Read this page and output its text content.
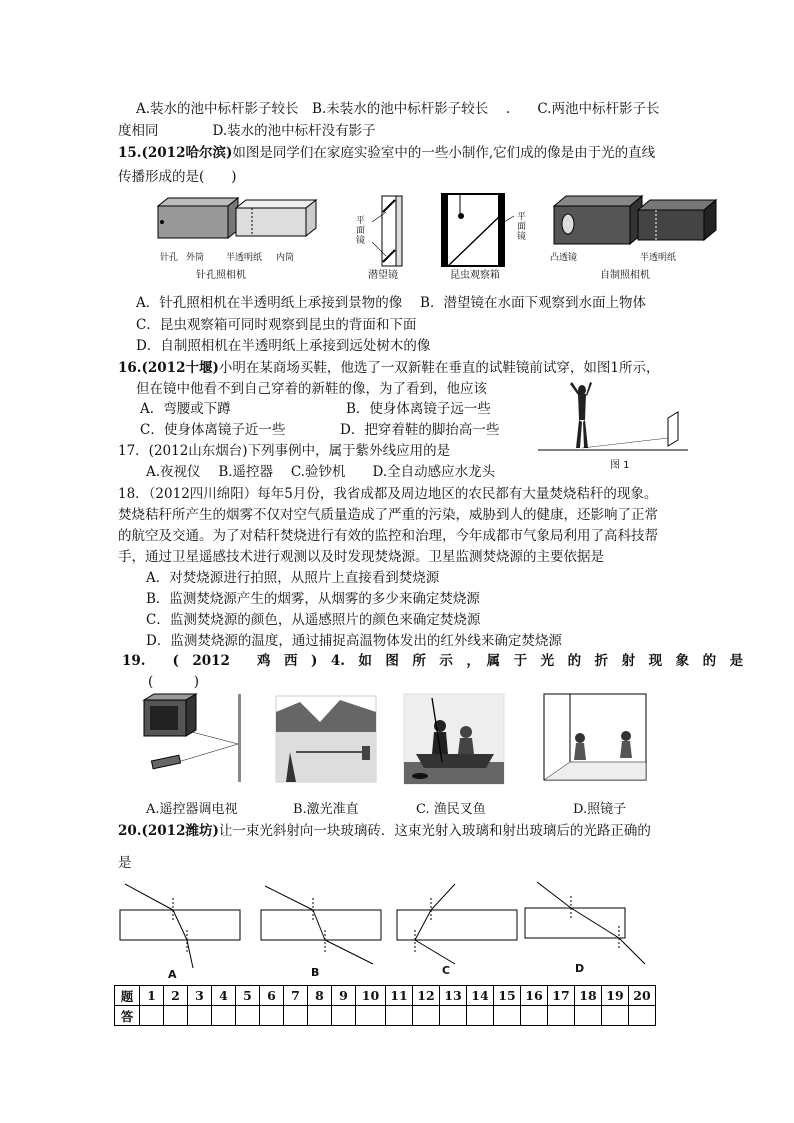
A.装水的池中标杆影子较长　B.未装水的池中标杆影子较长　 .　　C.两池中标杆影子长
度相同　　　　D.装水的池中标杆没有影子
15.(2012哈尔滨)如图是同学们在家庭实验室中的一些小制作,它们成的像是由于光的直线
传播形成的是(　　)
针孔 外筒 半透明纸 内筒
针孔照相机
平
面
镜
潜望镜
平
面
镜
昆虫观察箱
凸透镜	半透明纸
自制照相机
A．针孔照相机在半透明纸上承接到景物的像　 B．潜望镜在水面下观察到水面上物体
C．昆虫观察箱可同时观察到昆虫的背面和下面
D．自制照相机在半透明纸上承接到远处树木的像
16.(2012十堰)小明在某商场买鞋，他选了一双新鞋在垂直的试鞋镜前试穿，如图1所示，
但在镜中他看不到自己穿着的新鞋的像，为了看到，他应该
A．弯腰或下蹲	B．使身体离镜子远一些
C．使身体离镜子近一些	D．把穿着鞋的脚抬高一些
图 1
17．(2012山东烟台)下列事例中，属于紫外线应用的是
A.夜视仪　 B.遥控器　 C.验钞机　　D.全自动感应水龙头
18．（2012四川绵阳）每年5月份，我省成都及周边地区的农民都有大量焚烧秸秆的现象。
焚烧秸秆所产生的烟雾不仅对空气质量造成了严重的污染，威胁到人的健康，还影响了正常
的航空及交通。为了对秸秆焚烧进行有效的监控和治理，今年成都市气象局利用了高科技帮
手，通过卫星遥感技术进行观测以及时发现焚烧源。卫星监测焚烧源的主要依据是
A．对焚烧源进行拍照，从照片上直接看到焚烧源
B．监测焚烧源产生的烟雾，从烟雾的多少来确定焚烧源
C．监测焚烧源的颜色，从遥感照片的颜色来确定焚烧源
D．监测焚烧源的温度，通过捕捉高温物体发出的红外线来确定焚烧源
19.　　(　2012　　鸡　西　)　4.　如　图　所　示　，　属　于　光　的　折　射　现　象　的　是
(　　　)
A.遥控器调电视	B.激光准直	C. 渔民叉鱼	D.照镜子
20.(2012潍坊)让一束光斜射向一块玻璃砖．这束光射入玻璃和射出玻璃后的光路正确的
是
A	B	C	D
题	1	2	3	4	5	6	7	8	9	10	11	12	13	14	15	16	17	18	19	20
答																				
